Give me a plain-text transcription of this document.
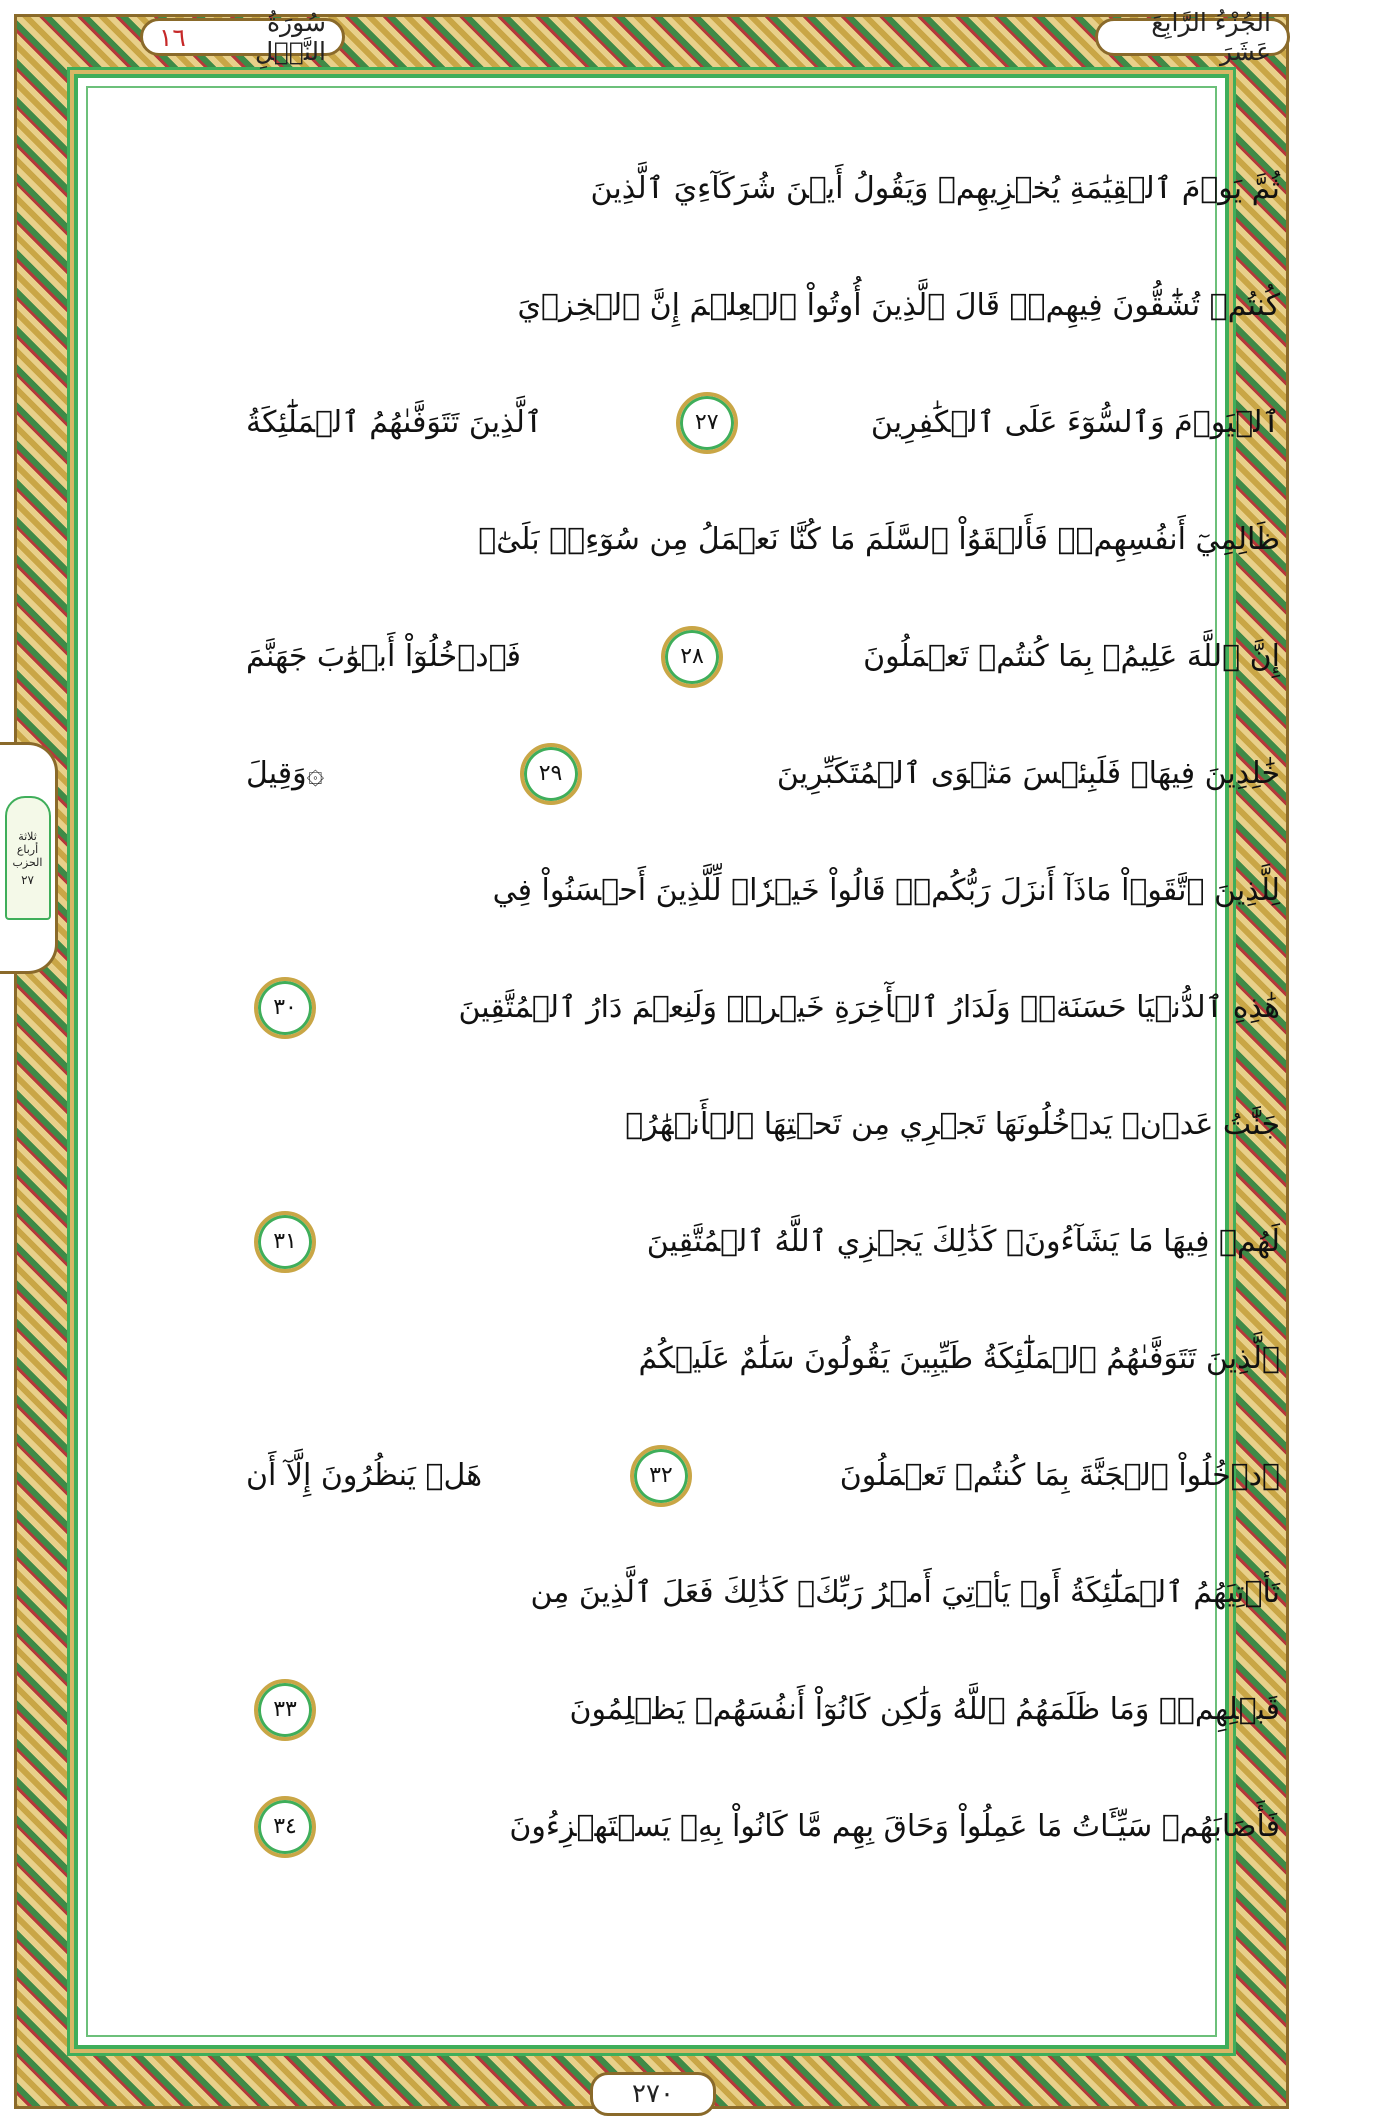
سُورَةُ النَّحۡلِ
١٦	الجُزْءُ الرَّابِعَ عَشَرَ
ثلاثة أرباع
الحزب
٢٧
ثُمَّ يَوۡمَ ٱلۡقِيَٰمَةِ يُخۡزِيهِمۡ وَيَقُولُ أَيۡنَ شُرَكَآءِيَ ٱلَّذِينَ
كُنتُمۡ تُشَٰٓقُّونَ فِيهِمۡۚ قَالَ ٱلَّذِينَ أُوتُواْ ٱلۡعِلۡمَ إِنَّ ٱلۡخِزۡيَ
ٱلۡيَوۡمَ وَٱلسُّوٓءَ عَلَى ٱلۡكَٰفِرِينَ
٢٧
ٱلَّذِينَ تَتَوَفَّىٰهُمُ ٱلۡمَلَٰٓئِكَةُ
ظَالِمِيٓ أَنفُسِهِمۡۖ فَأَلۡقَوُاْ ٱلسَّلَمَ مَا كُنَّا نَعۡمَلُ مِن سُوٓءِۭۚ بَلَىٰٓۚ
إِنَّ ٱللَّهَ عَلِيمُۢ بِمَا كُنتُمۡ تَعۡمَلُونَ
٢٨
فَٱدۡخُلُوٓاْ أَبۡوَٰبَ جَهَنَّمَ
خَٰلِدِينَ فِيهَاۖ فَلَبِئۡسَ مَثۡوَى ٱلۡمُتَكَبِّرِينَ
٢٩
۞وَقِيلَ
لِلَّذِينَ ٱتَّقَوۡاْ مَاذَآ أَنزَلَ رَبُّكُمۡۚ قَالُواْ خَيۡرٗاۗ لِّلَّذِينَ أَحۡسَنُواْ فِي
هَٰذِهِ ٱلدُّنۡيَا حَسَنَةٞۚ وَلَدَارُ ٱلۡأٓخِرَةِ خَيۡرٞۚ وَلَنِعۡمَ دَارُ ٱلۡمُتَّقِينَ
٣٠
جَنَّٰتُ عَدۡنٖ يَدۡخُلُونَهَا تَجۡرِي مِن تَحۡتِهَا ٱلۡأَنۡهَٰرُۖ
لَهُمۡ فِيهَا مَا يَشَآءُونَۚ كَذَٰلِكَ يَجۡزِي ٱللَّهُ ٱلۡمُتَّقِينَ
٣١
ٱلَّذِينَ تَتَوَفَّىٰهُمُ ٱلۡمَلَٰٓئِكَةُ طَيِّبِينَ يَقُولُونَ سَلَٰمٌ عَلَيۡكُمُ
ٱدۡخُلُواْ ٱلۡجَنَّةَ بِمَا كُنتُمۡ تَعۡمَلُونَ
٣٢
هَلۡ يَنظُرُونَ إِلَّآ أَن
تَأۡتِيَهُمُ ٱلۡمَلَٰٓئِكَةُ أَوۡ يَأۡتِيَ أَمۡرُ رَبِّكَۚ كَذَٰلِكَ فَعَلَ ٱلَّذِينَ مِن
قَبۡلِهِمۡۚ وَمَا ظَلَمَهُمُ ٱللَّهُ وَلَٰكِن كَانُوٓاْ أَنفُسَهُمۡ يَظۡلِمُونَ
٣٣
فَأَصَابَهُمۡ سَيِّـَٔاتُ مَا عَمِلُواْ وَحَاقَ بِهِم مَّا كَانُواْ بِهِۦ يَسۡتَهۡزِءُونَ
٣٤
٢٧٠
